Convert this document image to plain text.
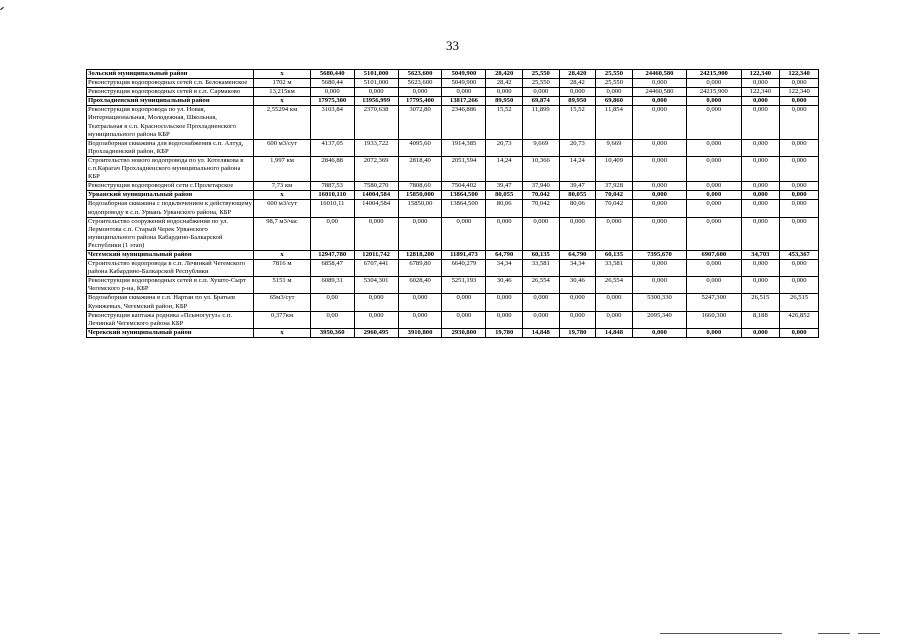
33
Зольский муниципальный район	х	5680,440	5101,000	5623,600	5049,900	28,420	25,550	28,420	25,550	24460,580	24215,900	122,340	122,340
Реконструкция водопроводных сетей с.п. Белокаменское	1702 м	5680,44	5101,000	5623,600	5049,900	28,42	25,550	28,42	25,550	0,000	0,000	0,000	0,000
Реконструкция водопроводных сетей в с.п. Сармаково	13,215км	0,000	0,000	0,000	0,000	0,000	0,000	0,000	0,000	24460,580	24215,900	122,340	122,340
Прохладненский муниципальный район	х	17975,300	13956,999	17795,400	13817,266	89,950	69,874	89,950	69,860	0,000	0,000	0,000	0,000
Реконструкция водопровода по ул. Новая, Интернациональная, Молодежная, Школьная, Театральная в с.п. Красносельское Прохладненского муниципального района КБР	2,55294 км	3103,84	2370,638	3072,80	2346,886	15,52	11,899	15,52	11,854	0,000	0,000	0,000	0,000
Водозаборная скважина для водоснабжения с.п. Алтуд, Прохладненский район, КБР	600 м3/сут	4137,05	1933,722	4095,60	1914,385	20,73	9,669	20,73	9,669	0,000	0,000	0,000	0,000
Строительство нового водопровода по ул. Котелякова в с.п.Карагач Прохладненского муниципального района КБР	1,997 км	2846,88	2072,369	2818,40	2051,594	14,24	10,366	14,24	10,409	0,000	0,000	0,000	0,000
Реконструкция водопроводной сети с.Пролетарское	7,73 км	7887,53	7580,270	7808,60	7504,402	39,47	37,940	39,47	37,928	0,000	0,000	0,000	0,000
Урванский муниципальный район	х	16010,110	14004,584	15850,000	13864,500	80,055	70,042	80,055	70,042	0,000	0,000	0,000	0,000
Водозаборная скважина с подключением к действующему водопроводу в с.п. Урвань Урванского района, КБР	600 м3/сут	16010,11	14004,584	15850,00	13864,500	80,06	70,042	80,06	70,042	0,000	0,000	0,000	0,000
Строительство сооружений водоснабжения по ул. Лермонтова с.п. Старый Черек Урванского муниципального района Кабардино-Балкарской Республики (1 этап)	98,7 м3/час	0,00	0,000	0,000	0,000	0,000	0,000	0,000	0,000	0,000	0,000	0,000	0,000
Чегемский муниципальный район	х	12947,780	12011,742	12818,200	11891,473	64,790	60,135	64,790	60,135	7395,670	6907,600	34,703	453,367
Строительство водопровода в с.п. Лечинкай Чегемского района Кабардино-Балкарской Республики	7816 м	6858,47	6707,441	6789,80	6640,279	34,34	33,581	34,34	33,581	0,000	0,000	0,000	0,000
Реконструкция водопроводных сетей в с.п. Хушто-Сырт Чегемского р-на, КБР	5151 м	6089,31	5304,301	6028,40	5251,193	30,46	26,554	30,46	26,554	0,000	0,000	0,000	0,000
Водозаборная скважина в с.п. Нартан по ул. Братьев Кунижевых, Чегемский район, КБР	65м3/сут	0,00	0,000	0,000	0,000	0,000	0,000	0,000	0,000	5300,330	5247,300	26,515	26,515
Реконструкция каптажа родника «Псыногугуз» с.п. Лечинкай Чегемского района КБР	0,377км	0,00	0,000	0,000	0,000	0,000	0,000	0,000	0,000	2095,340	1660,300	8,188	426,852
Черекский муниципальный район	х	3950,360	2960,495	3910,800	2930,800	19,780	14,848	19,780	14,848	0,000	0,000	0,000	0,000
